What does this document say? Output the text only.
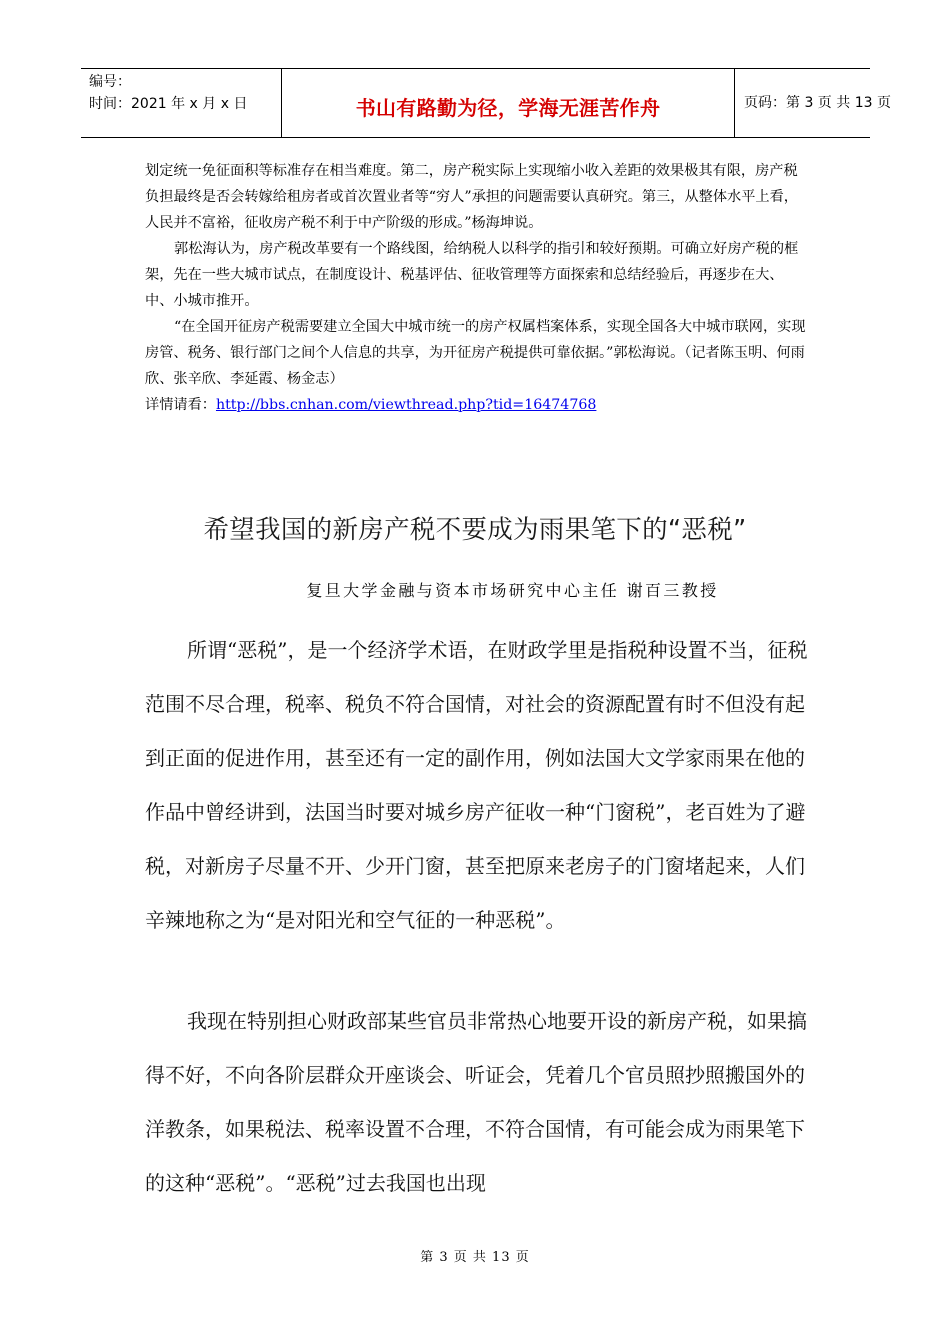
编号：
时间：2021 年 x 月 x 日	书山有路勤为径，学海无涯苦作舟	页码：第 3 页 共 13 页

划定统一免征面积等标准存在相当难度。第二，房产税实际上实现缩小收入差距的效果极其有限，房产税负担最终是否会转嫁给租房者或首次置业者等“穷人”承担的问题需要认真研究。第三，从整体水平上看，人民并不富裕，征收房产税不利于中产阶级的形成。”杨海坤说。

郭松海认为，房产税改革要有一个路线图，给纳税人以科学的指引和较好预期。可确立好房产税的框架，先在一些大城市试点，在制度设计、税基评估、征收管理等方面探索和总结经验后，再逐步在大、中、小城市推开。

“在全国开征房产税需要建立全国大中城市统一的房产权属档案体系，实现全国各大中城市联网，实现房管、税务、银行部门之间个人信息的共享，为开征房产税提供可靠依据。”郭松海说。（记者陈玉明、何雨欣、张辛欣、李延霞、杨金志）

详情请看：http://bbs.cnhan.com/viewthread.php?tid=16474768

希望我国的新房产税不要成为雨果笔下的“恶税”
复旦大学金融与资本市场研究中心主任 谢百三教授

所谓“恶税”，是一个经济学术语，在财政学里是指税种设置不当，征税范围不尽合理，税率、税负不符合国情，对社会的资源配置有时不但没有起到正面的促进作用，甚至还有一定的副作用，例如法国大文学家雨果在他的作品中曾经讲到，法国当时要对城乡房产征收一种“门窗税”，老百姓为了避税，对新房子尽量不开、少开门窗，甚至把原来老房子的门窗堵起来，人们辛辣地称之为“是对阳光和空气征的一种恶税”。

我现在特别担心财政部某些官员非常热心地要开设的新房产税，如果搞得不好，不向各阶层群众开座谈会、听证会，凭着几个官员照抄照搬国外的洋教条，如果税法、税率设置不合理，不符合国情，有可能会成为雨果笔下的这种“恶税”。“恶税”过去我国也出现

第 3 页 共 13 页
